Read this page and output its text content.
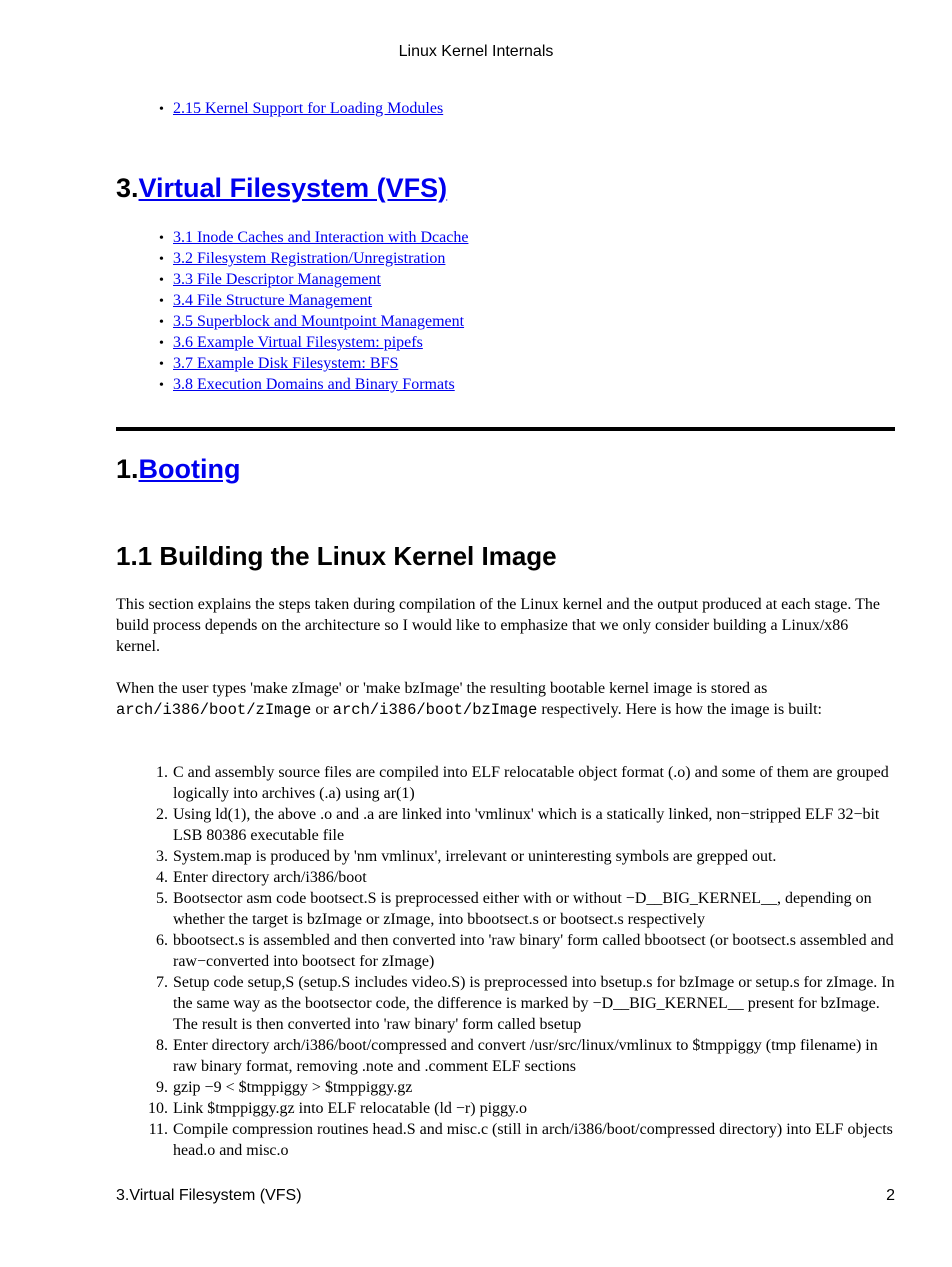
Linux Kernel Internals
• 2.15 Kernel Support for Loading Modules
3.Virtual Filesystem (VFS)
• 3.1 Inode Caches and Interaction with Dcache
• 3.2 Filesystem Registration/Unregistration
• 3.3 File Descriptor Management
• 3.4 File Structure Management
• 3.5 Superblock and Mountpoint Management
• 3.6 Example Virtual Filesystem: pipefs
• 3.7 Example Disk Filesystem: BFS
• 3.8 Execution Domains and Binary Formats
1.Booting
1.1 Building the Linux Kernel Image

This section explains the steps taken during compilation of the Linux kernel and the output produced at each stage. The build process depends on the architecture so I would like to emphasize that we only consider building a Linux/x86 kernel.

When the user types 'make zImage' or 'make bzImage' the resulting bootable kernel image is stored as arch/i386/boot/zImage or arch/i386/boot/bzImage respectively. Here is how the image is built:

1. C and assembly source files are compiled into ELF relocatable object format (.o) and some of them are grouped logically into archives (.a) using ar(1)
2. Using ld(1), the above .o and .a are linked into 'vmlinux' which is a statically linked, non−stripped ELF 32−bit LSB 80386 executable file
3. System.map is produced by 'nm vmlinux', irrelevant or uninteresting symbols are grepped out.
4. Enter directory arch/i386/boot
5. Bootsector asm code bootsect.S is preprocessed either with or without −D__BIG_KERNEL__, depending on whether the target is bzImage or zImage, into bbootsect.s or bootsect.s respectively
6. bbootsect.s is assembled and then converted into 'raw binary' form called bbootsect (or bootsect.s assembled and raw−converted into bootsect for zImage)
7. Setup code setup,S (setup.S includes video.S) is preprocessed into bsetup.s for bzImage or setup.s for zImage. In the same way as the bootsector code, the difference is marked by −D__BIG_KERNEL__ present for bzImage. The result is then converted into 'raw binary' form called bsetup
8. Enter directory arch/i386/boot/compressed and convert /usr/src/linux/vmlinux to $tmppiggy (tmp filename) in raw binary format, removing .note and .comment ELF sections
9. gzip −9 < $tmppiggy > $tmppiggy.gz
10. Link $tmppiggy.gz into ELF relocatable (ld −r) piggy.o
11. Compile compression routines head.S and misc.c (still in arch/i386/boot/compressed directory) into ELF objects head.o and misc.o
3.Virtual Filesystem (VFS)	2
